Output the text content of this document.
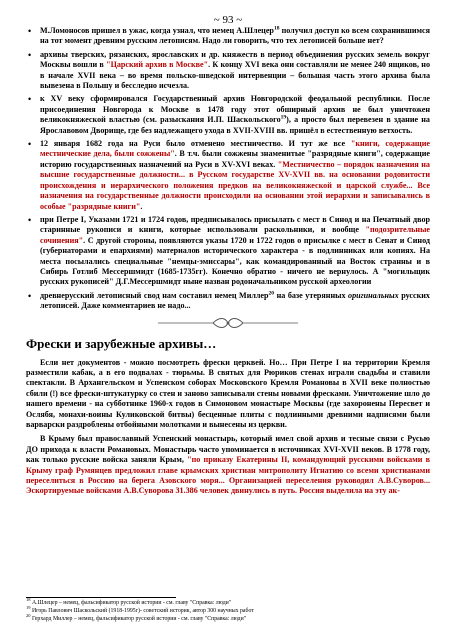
~ 93 ~
• М.Ломоносов пришел в ужас, когда узнал, что немец А.Шлецер$^{18}$ получил доступ ко всем сохранившимся на тот момент древним русским летописям. Надо ли говорить, что тех летописей больше нет?
• архивы тверских, рязанских, ярославских и др. княжеств в период объединения русских земель вокруг Москвы вошли в "Царский архив в Москве". К концу XVI века они составляли не менее 240 ящиков, но в начале XVII века – во время польско-шведской интервенции – большая часть этого архива была вывезена в Польшу и бесследно исчезла.
• к XV веку сформировался Государственный архив Новгородской феодальной республики. После присоединения Новгорода к Москве в 1478 году этот обширный архив не был уничтожен великокняжеской властью (см. разыскания И.П. Шаскольского$^{19}$), а просто был перевезен в здание на Ярославовом Дворище, где без надлежащего ухода в XVII-XVIII вв. пришёл в естественную ветхость.
• 12 января 1682 года на Руси было отменено местничество. И тут же все "книги, содержащие местнические дела, были сожжены". В т.ч. были сожжены знаменитые "разрядные книги", содержащие историю государственных назначений на Руси в XV-XVI веках. "Местничество – порядок назначения на высшие государственные должности... в Русском государстве XV-XVII вв. на основании родовитости происхождения и иерархического положения предков на великокняжеской и царской службе... Все назначения на государственные должности происходили на основании этой иерархии и записывались в особые "разрядные книги".
• при Петре I, Указами 1721 и 1724 годов, предписывалось присылать с мест в Синод и на Печатный двор старинные рукописи и книги, которые использовали раскольники, и вообще "подозрительные сочинения". С другой стороны, появляются указы 1720 и 1722 годов о присылке с мест в Сенат и Синод (губернаторами и епархиями) материалов исторического характера - в подлинниках или копиях. На места посылались специальные "немцы-эмиссары", как командированный на Восток странны и в Сибирь Готлиб Мессершмидт (1685-1735гг). Конечно обратно - ничего не вернулось. А "могильщик русских рукописей" Д.Г.Мессершмидт ныне назван родоначальником русской археологии
• древнерусский летописный свод нам составил немец Миллер$^{20}$ на базе утерянных оригинальных русских летописей. Даже комментариев не надо...
Фрески и зарубежные архивы…

Если нет документов - можно посмотреть фрески церквей. Но… При Петре I на территории Кремля разместили кабак, а в его подвалах - тюрьмы. В святых для Рюриков стенах играли свадьбы и ставили спектакли. В Архангельском и Успенском соборах Московского Кремля Романовы в XVII веке полностью сбили (!) все фрески-штукатурку со стен и заново записывали стены новыми фресками. Уничтожение шло до нашего времени - на субботнике 1960-х годов в Симоновом монастыре Москвы (где захоронены Пересвет и Ослябя, монахи-воины Куликовской битвы) бесценные плиты с подлинными древними надписями были варварски раздроблены отбойными молотками и вынесены из церкви.

В Крыму был православный Успенский монастырь, который имел свой архив и тесные связи с Русью ДО прихода к власти Романовых. Монастырь часто упоминается в источниках XVI-XVII веков. В 1778 году, как только русские войска заняли Крым, "по приказу Екатерины II, командующий русскими войсками в Крыму граф Румянцев предложил главе крымских христиан митрополиту Игнатию со всеми христианами переселиться в Россию на берега Азовского моря... Организацией переселения руководил А.В.Суворов... Эскортируемые войсками А.В.Суворова 31.386 человек двинулись в путь. Россия выделила на эту ак-

$^{18}$ А.Шлецер – немец, фальсификатор русской истории - см. главу "Справка: люди"
$^{19}$ Игорь Павлович Шаскольский (1918-1995г)- советский историк, автор 300 научных работ
$^{20}$ Герхард Миллер – немец, фальсификатор русской истории - см. главу "Справка: люди"
